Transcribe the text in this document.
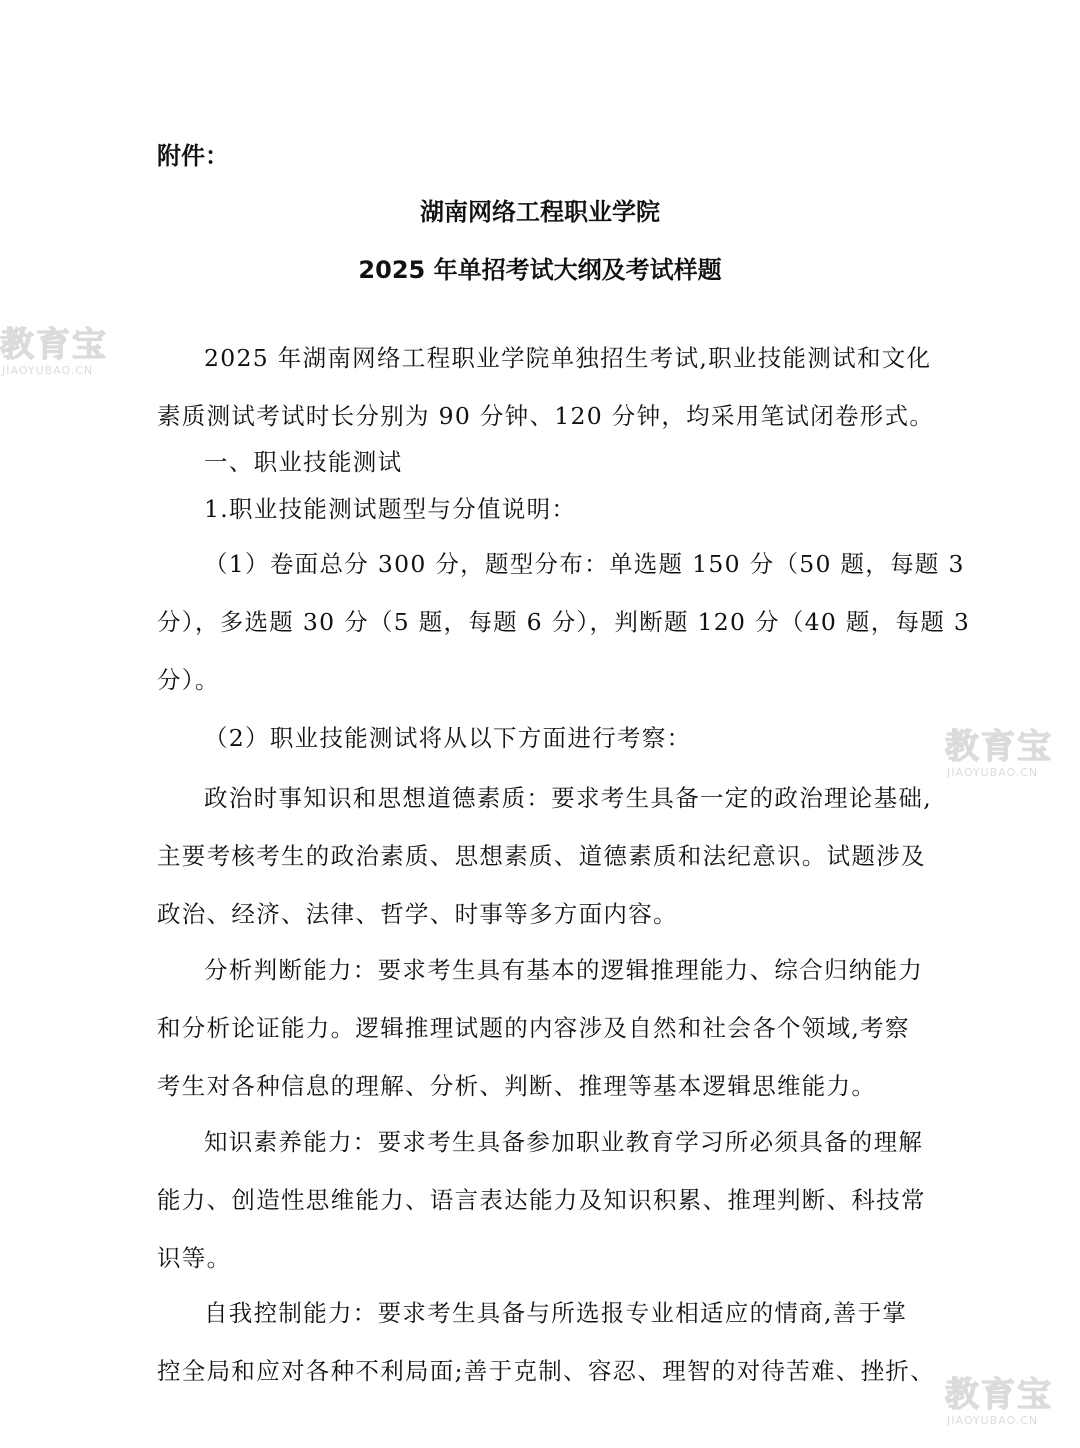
附件：
湖南网络工程职业学院
2025 年单招考试大纲及考试样题
2025 年湖南网络工程职业学院单独招生考试,职业技能测试和文化
素质测试考试时长分别为 90 分钟、120 分钟，均采用笔试闭卷形式。
一、职业技能测试
1.职业技能测试题型与分值说明：
（1）卷面总分 300 分，题型分布：单选题 150 分（50 题，每题 3
分），多选题 30 分（5 题，每题 6 分），判断题 120 分（40 题，每题 3
分）。
（2）职业技能测试将从以下方面进行考察：
政治时事知识和思想道德素质：要求考生具备一定的政治理论基础,
主要考核考生的政治素质、思想素质、道德素质和法纪意识。试题涉及
政治、经济、法律、哲学、时事等多方面内容。
分析判断能力：要求考生具有基本的逻辑推理能力、综合归纳能力
和分析论证能力。逻辑推理试题的内容涉及自然和社会各个领域,考察
考生对各种信息的理解、分析、判断、推理等基本逻辑思维能力。
知识素养能力：要求考生具备参加职业教育学习所必须具备的理解
能力、创造性思维能力、语言表达能力及知识积累、推理判断、科技常
识等。
自我控制能力：要求考生具备与所选报专业相适应的情商,善于掌
控全局和应对各种不利局面;善于克制、容忍、理智的对待苦难、挫折、
教育宝
JIAOYUBAO.CN
教育宝
JIAOYUBAO.CN
教育宝
JIAOYUBAO.CN
